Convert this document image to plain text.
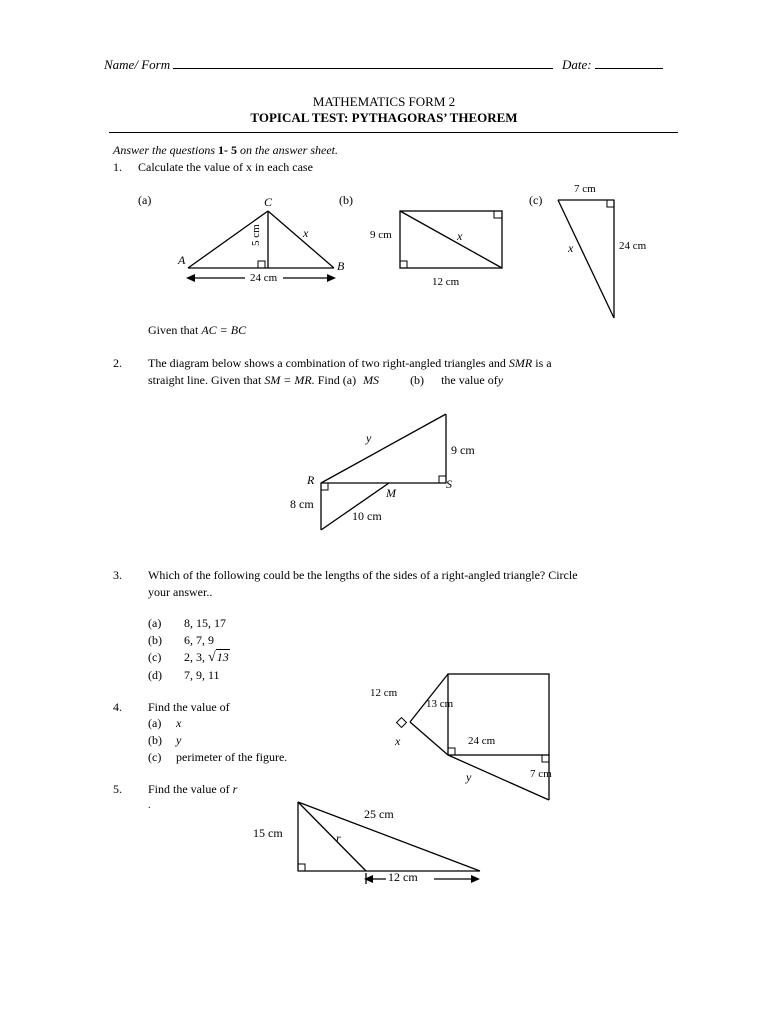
Name/ Form	Date:
MATHEMATICS FORM 2
TOPICAL TEST: PYTHAGORAS’ THEOREM
Answer the questions 1- 5 on the answer sheet.
1. Calculate the value of x in each case
(a)	(b)	(c)
Given that AC = BC
2. The diagram below shows a combination of two right-angled triangles and SMR is a
straight line. Given that SM = MR. Find (a) MS	(b) the value ofy
3. Which of the following could be the lengths of the sides of a right-angled triangle? Circle
your answer..
(a) 8, 15, 17
(b) 6, 7, 9
(c) 2, 3, √13
(d) 7, 9, 11
4. Find the value of
(a) x
(b) y
(c) perimeter of the figure.
5. Find the value of r
.
C
A	B
x
24 cm
5 cm	9 cm	x
12 cm
7 cm
24 cm
x
y
9 cm
R	S
M
8 cm
10 cm
12 cm
13 cm
x	24 cm
y	7 cm
25 cm
15 cm	r
12 cm
